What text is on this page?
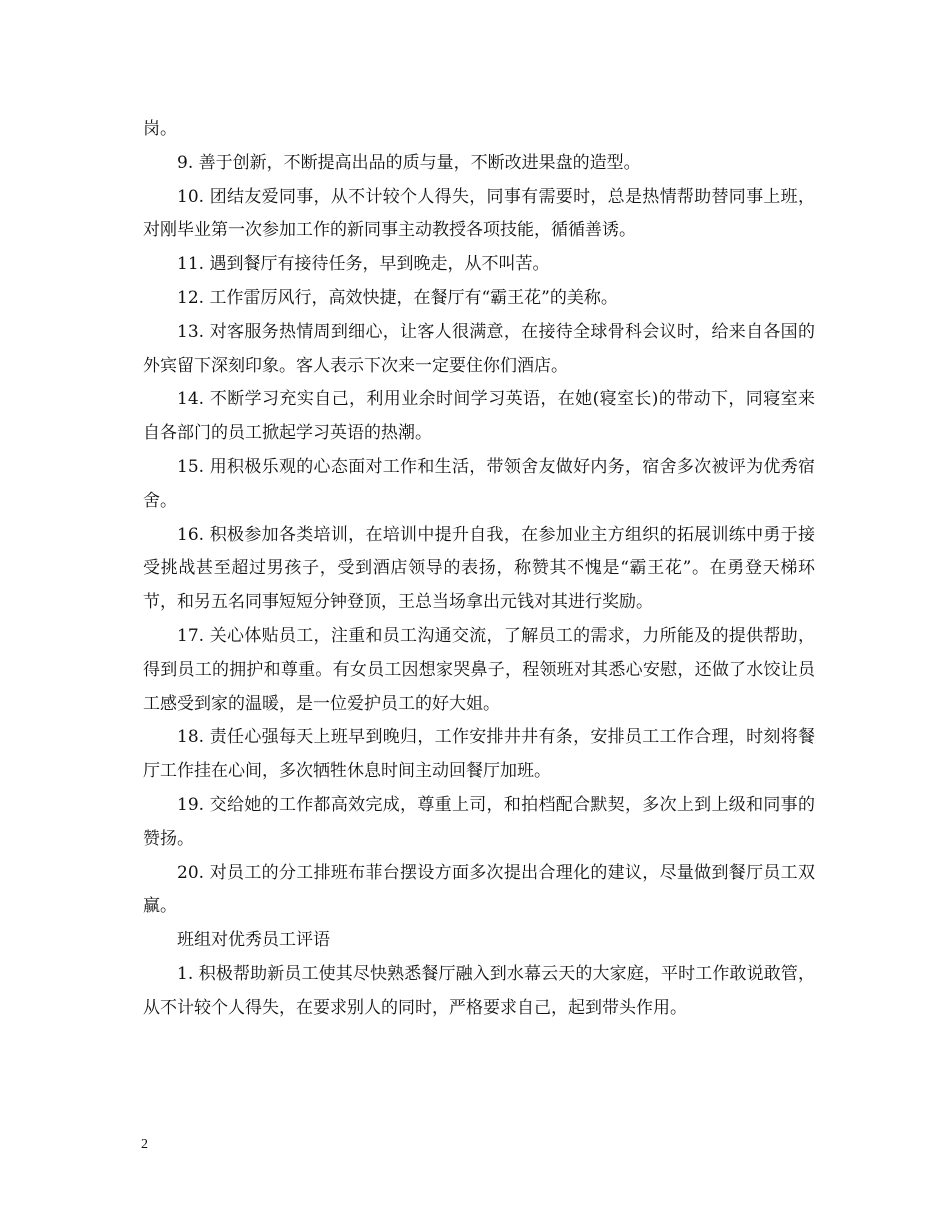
岗。

9. 善于创新，不断提高出品的质与量，不断改进果盘的造型。

10. 团结友爱同事，从不计较个人得失，同事有需要时，总是热情帮助替同事上班，对刚毕业第一次参加工作的新同事主动教授各项技能，循循善诱。

11. 遇到餐厅有接待任务，早到晚走，从不叫苦。

12. 工作雷厉风行，高效快捷，在餐厅有“霸王花”的美称。

13. 对客服务热情周到细心，让客人很满意，在接待全球骨科会议时，给来自各国的外宾留下深刻印象。客人表示下次来一定要住你们酒店。

14. 不断学习充实自己，利用业余时间学习英语，在她(寝室长)的带动下，同寝室来自各部门的员工掀起学习英语的热潮。

15. 用积极乐观的心态面对工作和生活，带领舍友做好内务，宿舍多次被评为优秀宿舍。

16. 积极参加各类培训，在培训中提升自我，在参加业主方组织的拓展训练中勇于接受挑战甚至超过男孩子，受到酒店领导的表扬，称赞其不愧是“霸王花”。在勇登天梯环节，和另五名同事短短分钟登顶，王总当场拿出元钱对其进行奖励。

17. 关心体贴员工，注重和员工沟通交流，了解员工的需求，力所能及的提供帮助，得到员工的拥护和尊重。有女员工因想家哭鼻子，程领班对其悉心安慰，还做了水饺让员工感受到家的温暖，是一位爱护员工的好大姐。

18. 责任心强每天上班早到晚归，工作安排井井有条，安排员工工作合理，时刻将餐厅工作挂在心间，多次牺牲休息时间主动回餐厅加班。

19. 交给她的工作都高效完成，尊重上司，和拍档配合默契，多次上到上级和同事的赞扬。

20. 对员工的分工排班布菲台摆设方面多次提出合理化的建议，尽量做到餐厅员工双赢。

班组对优秀员工评语

1. 积极帮助新员工使其尽快熟悉餐厅融入到水幕云天的大家庭，平时工作敢说敢管，从不计较个人得失，在要求别人的同时，严格要求自己，起到带头作用。

2
